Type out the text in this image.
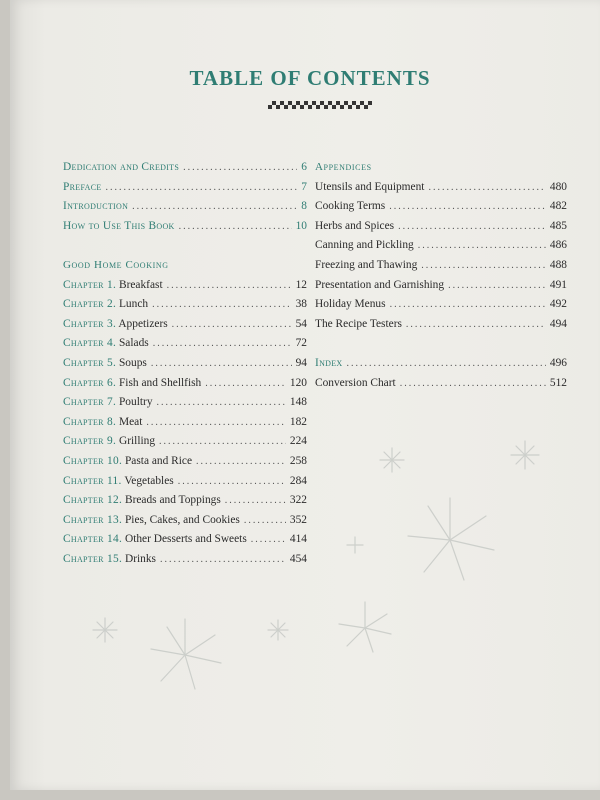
TABLE OF CONTENTS
Dedication and Credits .....	6
Preface .....	7
Introduction .....	8
How to Use This Book .....	10
Good Home Cooking
Chapter 1. Breakfast .....	12
Chapter 2. Lunch .....	38
Chapter 3. Appetizers .....	54
Chapter 4. Salads .....	72
Chapter 5. Soups .....	94
Chapter 6. Fish and Shellfish .....	120
Chapter 7. Poultry .....	148
Chapter 8. Meat .....	182
Chapter 9. Grilling .....	224
Chapter 10. Pasta and Rice .....	258
Chapter 11. Vegetables .....	284
Chapter 12. Breads and Toppings .....	322
Chapter 13. Pies, Cakes, and Cookies .....	352
Chapter 14. Other Desserts and Sweets .....	414
Chapter 15. Drinks .....	454
Appendices
Utensils and Equipment .....	480
Cooking Terms .....	482
Herbs and Spices .....	485
Canning and Pickling .....	486
Freezing and Thawing .....	488
Presentation and Garnishing .....	491
Holiday Menus .....	492
The Recipe Testers .....	494
Index .....	496
Conversion Chart .....	512
